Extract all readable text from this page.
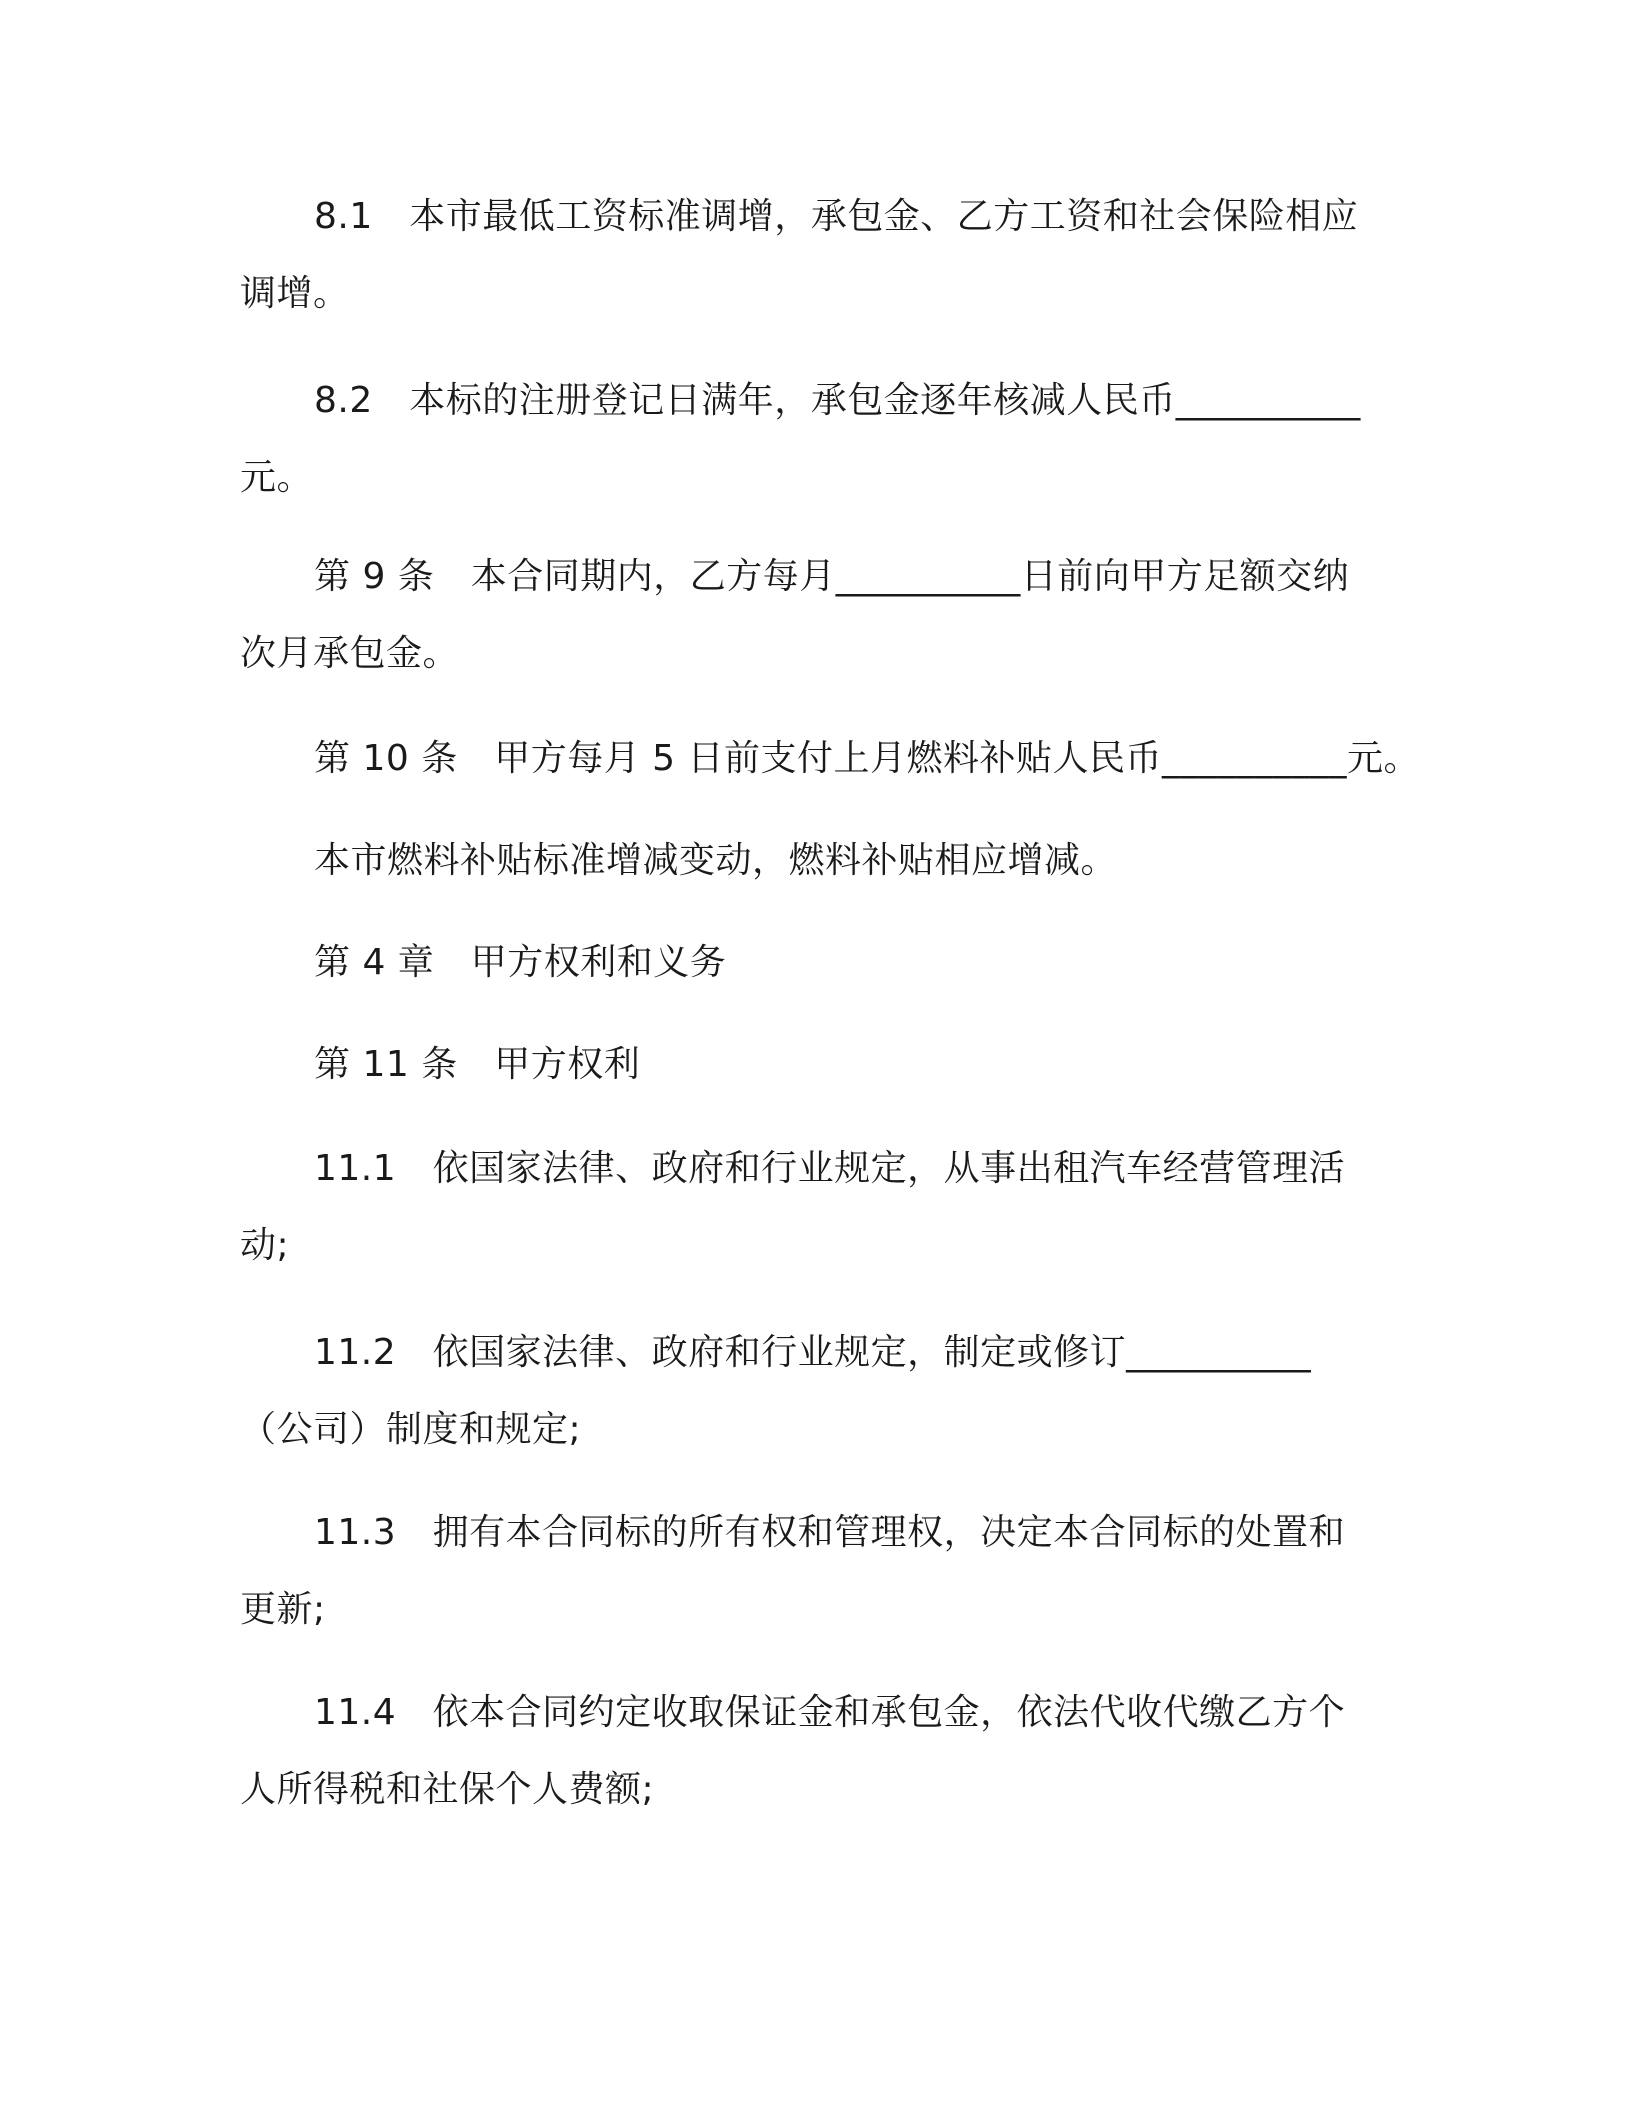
8.1　本市最低工资标准调增，承包金、乙方工资和社会保险相应
调增。
8.2　本标的注册登记日满年，承包金逐年核减人民币__________
元。
第 9 条　本合同期内，乙方每月__________日前向甲方足额交纳
次月承包金。
第 10 条　甲方每月 5 日前支付上月燃料补贴人民币__________元。
本市燃料补贴标准增减变动，燃料补贴相应增减。
第 4 章　甲方权利和义务
第 11 条　甲方权利
11.1　依国家法律、政府和行业规定，从事出租汽车经营管理活
动;
11.2　依国家法律、政府和行业规定，制定或修订__________
（公司）制度和规定;
11.3　拥有本合同标的所有权和管理权，决定本合同标的处置和
更新;
11.4　依本合同约定收取保证金和承包金，依法代收代缴乙方个
人所得税和社保个人费额;
